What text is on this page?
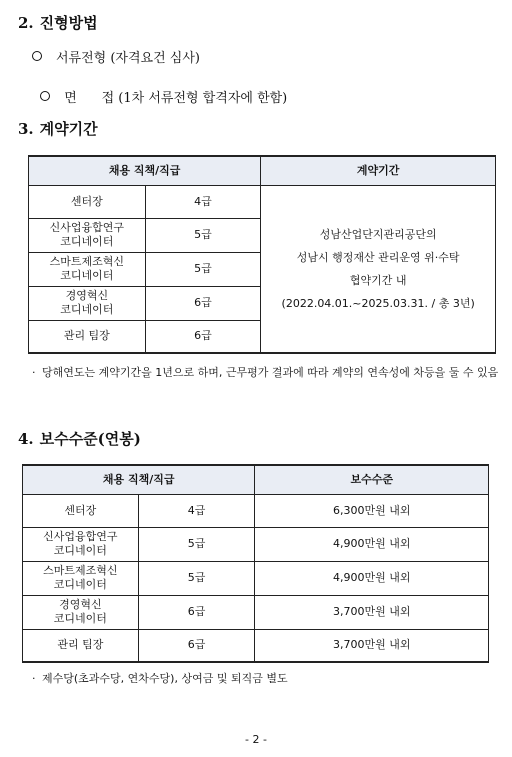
2. 진형방법
서류전형 (자격요건 심사)

면      접 (1차 서류전형 합격자에 한함)

3. 계약기간
채용 직책/직급		계약기간
센터장	4급	성남산업단지관리공단의
성남시 행정재산 관리운영 위·수탁
협약기간 내
(2022.04.01.~2025.03.31. / 총 3년)

신사업융합연구
코디네이터	5급	
스마트제조혁신
코디네이터	5급	
경영혁신
코디네이터	6급	
관리 팀장	6급	
· 당해연도는 계약기간을 1년으로 하며, 근무평가 결과에 따라 계약의 연속성에 차등을 둘 수 있음
4. 보수수준(연봉)
채용 직책/직급		보수수준
센터장	4급	6,300만원 내외
신사업융합연구
코디네이터	5급	4,900만원 내외
스마트제조혁신
코디네이터	5급	4,900만원 내외
경영혁신
코디네이터	6급	3,700만원 내외
관리 팀장	6급	3,700만원 내외
· 제수당(초과수당, 연차수당), 상여금 및 퇴직금 별도
- 2 -
